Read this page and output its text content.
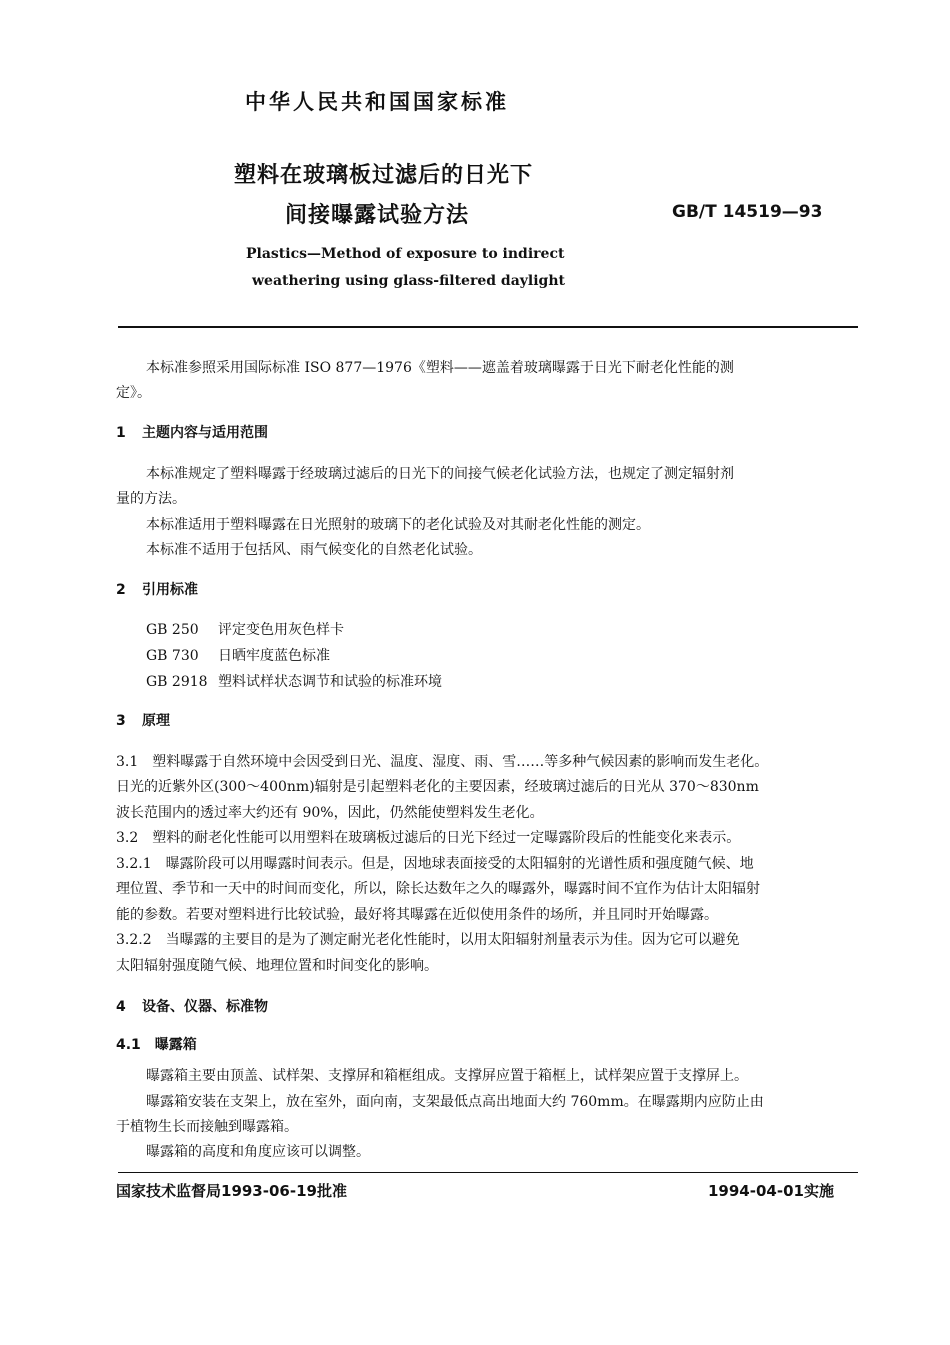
中华人民共和国国家标准

塑料在玻璃板过滤后的日光下

间接曝露试验方法	GB/T 14519—93

Plastics—Method of exposure to indirect

weathering using glass-filtered daylight

本标准参照采用国际标准 ISO 877—1976《塑料——遮盖着玻璃曝露于日光下耐老化性能的测

定》。

1 主题内容与适用范围

本标准规定了塑料曝露于经玻璃过滤后的日光下的间接气候老化试验方法，也规定了测定辐射剂

量的方法。

本标准适用于塑料曝露在日光照射的玻璃下的老化试验及对其耐老化性能的测定。

本标准不适用于包括风、雨气候变化的自然老化试验。

2 引用标准

GB 250 评定变色用灰色样卡

GB 730 日晒牢度蓝色标准

GB 2918 塑料试样状态调节和试验的标准环境

3 原理

3.1　塑料曝露于自然环境中会因受到日光、温度、湿度、雨、雪……等多种气候因素的影响而发生老化。

日光的近紫外区(300～400nm)辐射是引起塑料老化的主要因素，经玻璃过滤后的日光从 370～830nm

波长范围内的透过率大约还有 90%，因此，仍然能使塑料发生老化。

3.2　塑料的耐老化性能可以用塑料在玻璃板过滤后的日光下经过一定曝露阶段后的性能变化来表示。

3.2.1　曝露阶段可以用曝露时间表示。但是，因地球表面接受的太阳辐射的光谱性质和强度随气候、地

理位置、季节和一天中的时间而变化，所以，除长达数年之久的曝露外，曝露时间不宜作为估计太阳辐射

能的参数。若要对塑料进行比较试验，最好将其曝露在近似使用条件的场所，并且同时开始曝露。

3.2.2　当曝露的主要目的是为了测定耐光老化性能时，以用太阳辐射剂量表示为佳。因为它可以避免

太阳辐射强度随气候、地理位置和时间变化的影响。

4 设备、仪器、标准物

4.1　曝露箱

曝露箱主要由顶盖、试样架、支撑屏和箱框组成。支撑屏应置于箱框上，试样架应置于支撑屏上。

曝露箱安装在支架上，放在室外，面向南，支架最低点高出地面大约 760mm。在曝露期内应防止由

于植物生长而接触到曝露箱。

曝露箱的高度和角度应该可以调整。

国家技术监督局1993-06-19批准	1994-04-01实施
